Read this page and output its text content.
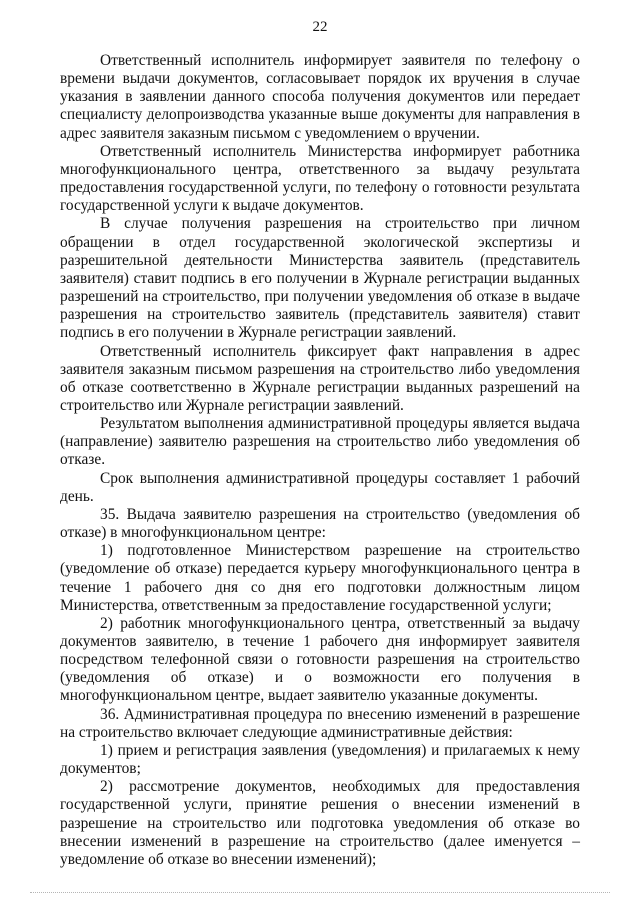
22

Ответственный исполнитель информирует заявителя по телефону о времени выдачи документов, согласовывает порядок их вручения в случае указания в заявлении данного способа получения документов или передает специалисту делопроизводства указанные выше документы для направления в адрес заявителя заказным письмом с уведомлением о вручении.

Ответственный исполнитель Министерства информирует работника многофункционального центра, ответственного за выдачу результата предоставления государственной услуги, по телефону о готовности результата государственной услуги к выдаче документов.

В случае получения разрешения на строительство при личном обращении в отдел государственной экологической экспертизы и разрешительной деятельности Министерства заявитель (представитель заявителя) ставит подпись в его получении в Журнале регистрации выданных разрешений на строительство, при получении уведомления об отказе в выдаче разрешения на строительство заявитель (представитель заявителя) ставит подпись в его получении в Журнале регистрации заявлений.

Ответственный исполнитель фиксирует факт направления в адрес заявителя заказным письмом разрешения на строительство либо уведомления об отказе соответственно в Журнале регистрации выданных разрешений на строительство или Журнале регистрации заявлений.

Результатом выполнения административной процедуры является выдача (направление) заявителю разрешения на строительство либо уведомления об отказе.

Срок выполнения административной процедуры составляет 1 рабочий день.

35. Выдача заявителю разрешения на строительство (уведомления об отказе) в многофункциональном центре:

1) подготовленное Министерством разрешение на строительство (уведомление об отказе) передается курьеру многофункционального центра в течение 1 рабочего дня со дня его подготовки должностным лицом Министерства, ответственным за предоставление государственной услуги;

2) работник многофункционального центра, ответственный за выдачу документов заявителю, в течение 1 рабочего дня информирует заявителя посредством телефонной связи о готовности разрешения на строительство (уведомления об отказе) и о возможности его получения в многофункциональном центре, выдает заявителю указанные документы.

36. Административная процедура по внесению изменений в разрешение на строительство включает следующие административные действия:

1) прием и регистрация заявления (уведомления) и прилагаемых к нему документов;

2) рассмотрение документов, необходимых для предоставления государственной услуги, принятие решения о внесении изменений в разрешение на строительство или подготовка уведомления об отказе во внесении изменений в разрешение на строительство (далее именуется – уведомление об отказе во внесении изменений);
